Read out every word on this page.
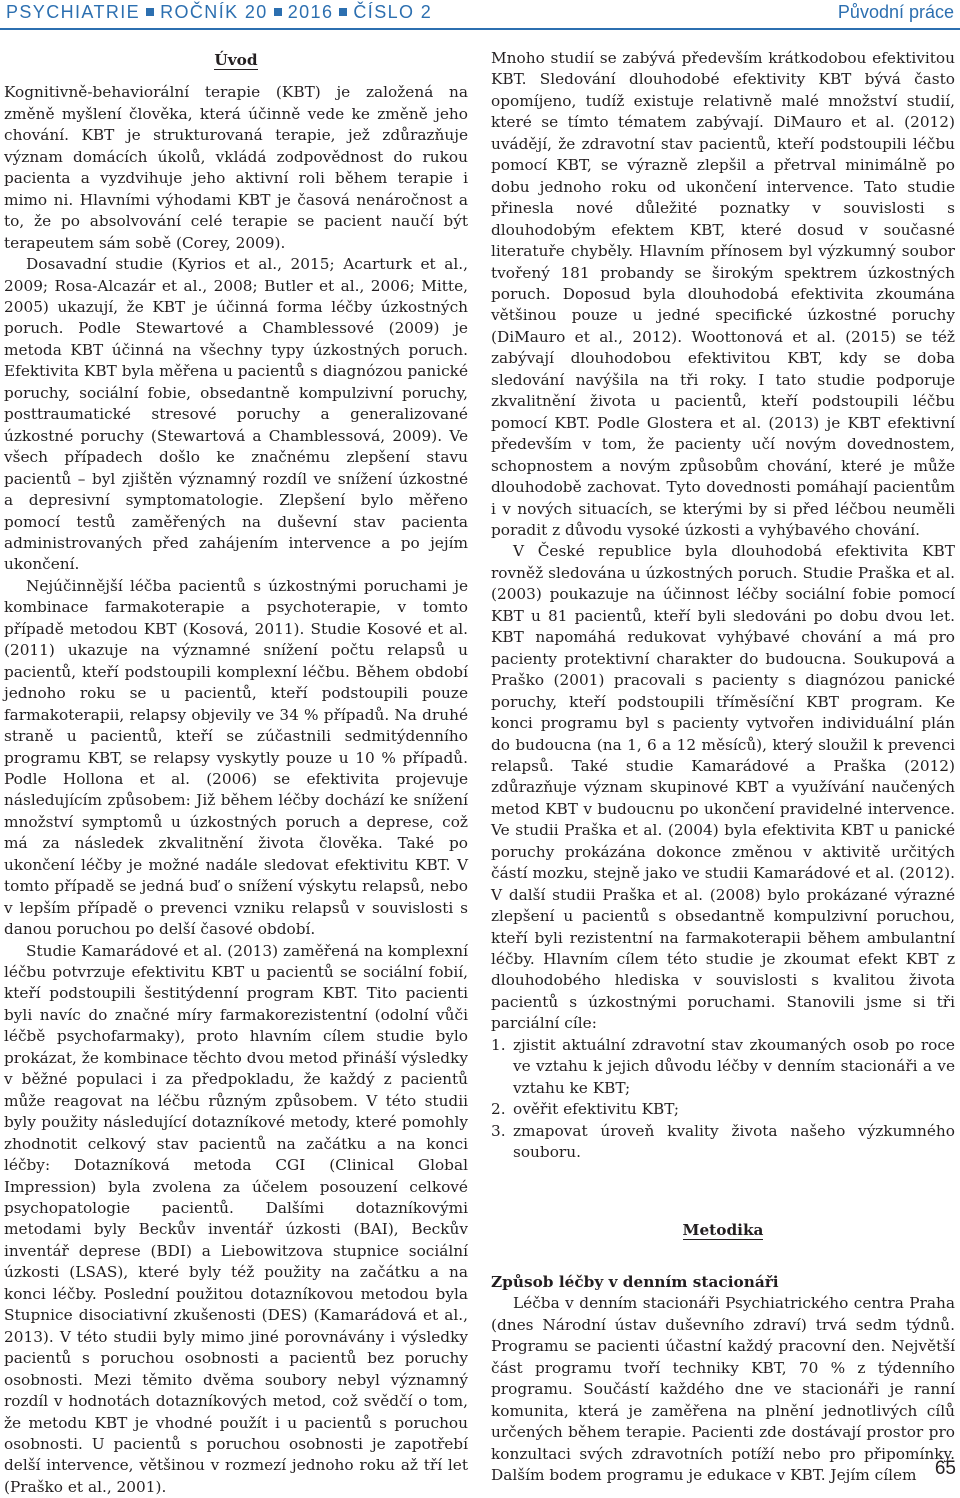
PSYCHIATRIE ROČNÍK 20 2016 ČÍSLO 2	Původní práce

Úvod

Kognitivně-behaviorální terapie (KBT) je založená na změně myšlení člověka, která účinně vede ke změně jeho chování. KBT je strukturovaná terapie, jež zdůrazňuje význam domácích úkolů, vkládá zodpovědnost do rukou pacienta a vyzdvihuje jeho aktivní roli během terapie i mimo ni. Hlavními výhodami KBT je časová nenáročnost a to, že po absolvování celé terapie se pacient naučí být terapeutem sám sobě (Corey, 2009).

Dosavadní studie (Kyrios et al., 2015; Acarturk et al., 2009; Rosa-Alcazár et al., 2008; Butler et al., 2006; Mitte, 2005) ukazují, že KBT je účinná forma léčby úzkostných poruch. Podle Stewartové a Chamblessové (2009) je metoda KBT účinná na všechny typy úzkostných poruch. Efektivita KBT byla měřena u pacientů s diagnózou panické poruchy, sociální fobie, obsedantně kompulzivní poruchy, posttraumatické stresové poruchy a generalizované úzkostné poruchy (Stewartová a Chamblessová, 2009). Ve všech případech došlo ke značnému zlepšení stavu pacientů – byl zjištěn významný rozdíl ve snížení úzkostné a depresivní symptomatologie. Zlepšení bylo měřeno pomocí testů zaměřených na duševní stav pacienta administrovaných před zahájením intervence a po jejím ukončení.

Nejúčinnější léčba pacientů s úzkostnými poruchami je kombinace farmakoterapie a psychoterapie, v tomto případě metodou KBT (Kosová, 2011). Studie Kosové et al. (2011) ukazuje na významné snížení počtu relapsů u pacientů, kteří podstoupili komplexní léčbu. Během období jednoho roku se u pacientů, kteří podstoupili pouze farmakoterapii, relapsy objevily ve 34 % případů. Na druhé straně u pacientů, kteří se zúčastnili sedmitýdenního programu KBT, se relapsy vyskytly pouze u 10 % případů. Podle Hollona et al. (2006) se efektivita projevuje následujícím způsobem: Již během léčby dochází ke snížení množství symptomů u úzkostných poruch a deprese, což má za následek zkvalitnění života člověka. Také po ukončení léčby je možné nadále sledovat efektivitu KBT. V tomto případě se jedná buď o snížení výskytu relapsů, nebo v lepším případě o prevenci vzniku relapsů v souvislosti s danou poruchou po delší časové období.

Studie Kamarádové et al. (2013) zaměřená na komplexní léčbu potvrzuje efektivitu KBT u pacientů se sociální fobií, kteří podstoupili šestitýdenní program KBT. Tito pacienti byli navíc do značné míry farmakorezistentní (odolní vůči léčbě psychofarmaky), proto hlavním cílem studie bylo prokázat, že kombinace těchto dvou metod přináší výsledky v běžné populaci i za předpokladu, že každý z pacientů může reagovat na léčbu různým způsobem. V této studii byly použity následující dotazníkové metody, které pomohly zhodnotit celkový stav pacientů na začátku a na konci léčby: Dotazníková metoda CGI (Clinical Global Impression) byla zvolena za účelem posouzení celkové psychopatologie pacientů. Dalšími dotazníkovými metodami byly Beckův inventář úzkosti (BAI), Beckův inventář deprese (BDI) a Liebowitzova stupnice sociální úzkosti (LSAS), které byly též použity na začátku a na konci léčby. Poslední použitou dotazníkovou metodou byla Stupnice disociativní zkušenosti (DES) (Kamarádová et al., 2013). V této studii byly mimo jiné porovnávány i výsledky pacientů s poruchou osobnosti a pacientů bez poruchy osobnosti. Mezi těmito dvěma soubory nebyl významný rozdíl v hodnotách dotazníkových metod, což svědčí o tom, že metodu KBT je vhodné použít i u pacientů s poruchou osobnosti. U pacientů s poruchou osobnosti je zapotřebí delší intervence, většinou v rozmezí jednoho roku až tří let (Praško et al., 2001).

Mnoho studií se zabývá především krátkodobou efektivitou KBT. Sledování dlouhodobé efektivity KBT bývá často opomíjeno, tudíž existuje relativně malé množství studií, které se tímto tématem zabývají. DiMauro et al. (2012) uvádějí, že zdravotní stav pacientů, kteří podstoupili léčbu pomocí KBT, se výrazně zlepšil a přetrval minimálně po dobu jednoho roku od ukončení intervence. Tato studie přinesla nové důležité poznatky v souvislosti s dlouhodobým efektem KBT, které dosud v současné literatuře chyběly. Hlavním přínosem byl výzkumný soubor tvořený 181 probandy se širokým spektrem úzkostných poruch. Doposud byla dlouhodobá efektivita zkoumána většinou pouze u jedné specifické úzkostné poruchy (DiMauro et al., 2012). Woottonová et al. (2015) se též zabývají dlouhodobou efektivitou KBT, kdy se doba sledování navýšila na tři roky. I tato studie podporuje zkvalitnění života u pacientů, kteří podstoupili léčbu pomocí KBT. Podle Glostera et al. (2013) je KBT efektivní především v tom, že pacienty učí novým dovednostem, schopnostem a novým způsobům chování, které je může dlouhodobě zachovat. Tyto dovednosti pomáhají pacientům i v nových situacích, se kterými by si před léčbou neuměli poradit z důvodu vysoké úzkosti a vyhýbavého chování.

V České republice byla dlouhodobá efektivita KBT rovněž sledována u úzkostných poruch. Studie Praška et al. (2003) poukazuje na účinnost léčby sociální fobie pomocí KBT u 81 pacientů, kteří byli sledováni po dobu dvou let. KBT napomáhá redukovat vyhýbavé chování a má pro pacienty protektivní charakter do budoucna. Soukupová a Praško (2001) pracovali s pacienty s diagnózou panické poruchy, kteří podstoupili tříměsíční KBT program. Ke konci programu byl s pacienty vytvořen individuální plán do budoucna (na 1, 6 a 12 měsíců), který sloužil k prevenci relapsů. Také studie Kamarádové a Praška (2012) zdůrazňuje význam skupinové KBT a využívání naučených metod KBT v budoucnu po ukončení pravidelné intervence. Ve studii Praška et al. (2004) byla efektivita KBT u panické poruchy prokázána dokonce změnou v aktivitě určitých částí mozku, stejně jako ve studii Kamarádové et al. (2012). V další studii Praška et al. (2008) bylo prokázané výrazné zlepšení u pacientů s obsedantně kompulzivní poruchou, kteří byli rezistentní na farmakoterapii během ambulantní léčby. Hlavním cílem této studie je zkoumat efekt KBT z dlouhodobého hlediska v souvislosti s kvalitou života pacientů s úzkostnými poruchami. Stanovili jsme si tři parciální cíle:

1. zjistit aktuální zdravotní stav zkoumaných osob po roce ve vztahu k jejich důvodu léčby v denním stacionáři a ve vztahu ke KBT;
2. ověřit efektivitu KBT;
3. zmapovat úroveň kvality života našeho výzkumného souboru.

Metodika

Způsob léčby v denním stacionáři

Léčba v denním stacionáři Psychiatrického centra Praha (dnes Národní ústav duševního zdraví) trvá sedm týdnů. Programu se pacienti účastní každý pracovní den. Největší část programu tvoří techniky KBT, 70 % z týdenního programu. Součástí každého dne ve stacionáři je ranní komunita, která je zaměřena na plnění jednotlivých cílů určených během terapie. Pacienti zde dostávají prostor pro konzultaci svých zdravotních potíží nebo pro připomínky. Dalším bodem programu je edukace v KBT. Jejím cílem 65
